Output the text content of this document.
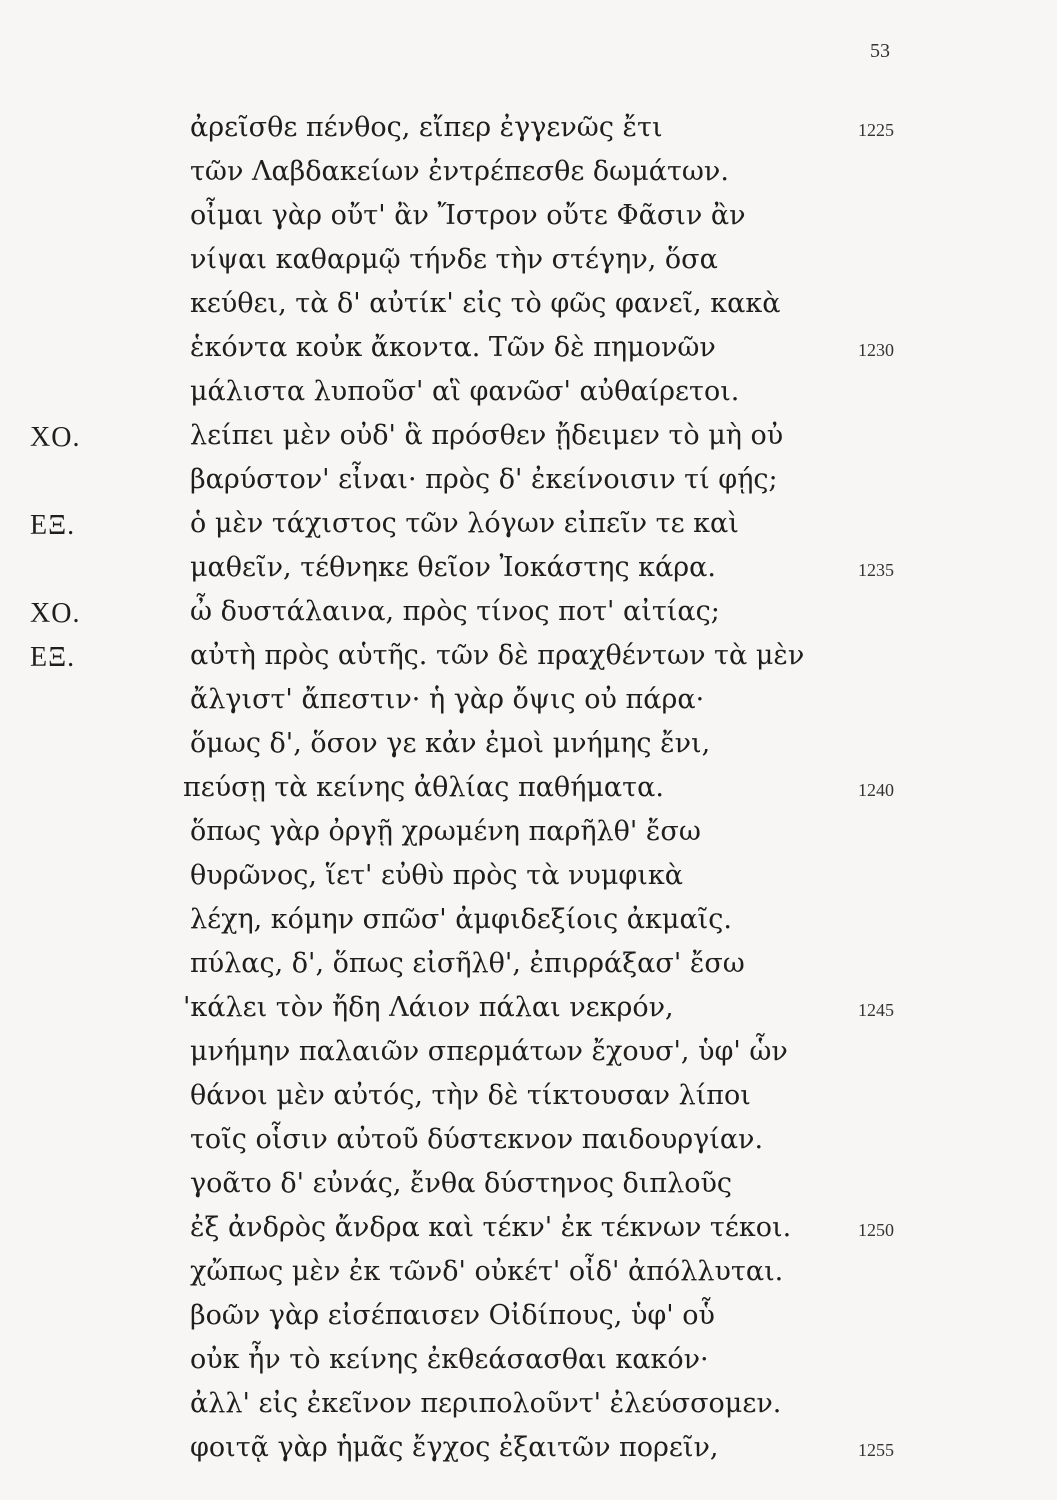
53
ἀρεῖσθε πένθος, εἴπερ ἐγγενῶς ἔτι	1225
τῶν Λαβδακείων ἐντρέπεσθε δωμάτων.
οἶμαι γὰρ οὔτ' ἂν Ἴστρον οὔτε Φᾶσιν ἂν
νίψαι καθαρμῷ τήνδε τὴν στέγην, ὅσα
κεύθει, τὰ δ' αὐτίκ' εἰς τὸ φῶς φανεῖ, κακὰ
ἑκόντα κοὐκ ἄκοντα. Τῶν δὲ πημονῶν	1230
μάλιστα λυποῦσ' αἳ φανῶσ' αὐθαίρετοι.
ΧΟ.	λείπει μὲν οὐδ' ἃ πρόσθεν ᾔδειμεν τὸ μὴ οὐ
βαρύστον' εἶναι· πρὸς δ' ἐκείνοισιν τί φῄς;
ΕΞ.	ὁ μὲν τάχιστος τῶν λόγων εἰπεῖν τε καὶ
μαθεῖν, τέθνηκε θεῖον Ἰοκάστης κάρα.	1235
ΧΟ.	ὦ δυστάλαινα, πρὸς τίνος ποτ' αἰτίας;
ΕΞ.	αὐτὴ πρὸς αὑτῆς. τῶν δὲ πραχθέντων τὰ μὲν
ἄλγιστ' ἄπεστιν· ἡ γὰρ ὄψις οὐ πάρα·
ὅμως δ', ὅσον γε κἀν ἐμοὶ μνήμης ἔνι,
πεύσῃ τὰ κείνης ἀθλίας παθήματα.	1240
ὅπως γὰρ ὀργῇ χρωμένη παρῆλθ' ἔσω
θυρῶνος, ἵετ' εὐθὺ πρὸς τὰ νυμφικὰ
λέχη, κόμην σπῶσ' ἀμφιδεξίοις ἀκμαῖς.
πύλας, δ', ὅπως εἰσῆλθ', ἐπιρράξασ' ἔσω
'κάλει τὸν ἤδη Λάιον πάλαι νεκρόν,	1245
μνήμην παλαιῶν σπερμάτων ἔχουσ', ὑφ' ὧν
θάνοι μὲν αὐτός, τὴν δὲ τίκτουσαν λίποι
τοῖς οἷσιν αὐτοῦ δύστεκνον παιδουργίαν.
γοᾶτο δ' εὐνάς, ἔνθα δύστηνος διπλοῦς
ἐξ ἀνδρὸς ἄνδρα καὶ τέκν' ἐκ τέκνων τέκοι.	1250
χὤπως μὲν ἐκ τῶνδ' οὐκέτ' οἶδ' ἀπόλλυται.
βοῶν γὰρ εἰσέπαισεν Οἰδίπους, ὑφ' οὗ
οὐκ ἦν τὸ κείνης ἐκθεάσασθαι κακόν·
ἀλλ' εἰς ἐκεῖνον περιπολοῦντ' ἐλεύσσομεν.
φοιτᾷ γὰρ ἡμᾶς ἔγχος ἐξαιτῶν πορεῖν,	1255
